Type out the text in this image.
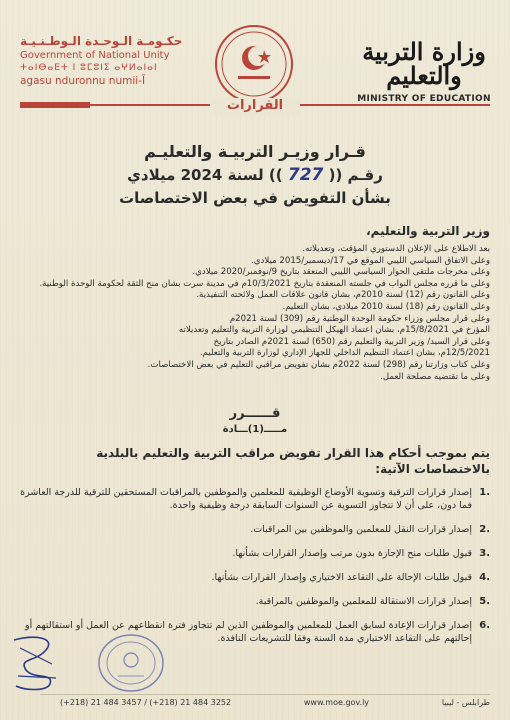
حكـومـة الـوحـدة الـوطـنـيـة
Government of National Unity
ⵜⴰⵏⴱⴰⴹⵜ ⵏ ⵓⵎⵓⵏⵉ ⴰⵖⵍⴰⵏⴰⵏ
agasu nduronnu numii-Ī
وزارة التربية والتعليم
MINISTRY OF EDUCATION
القرارات
قـرار وزيـر التربيـة والتعليـم
رقـم (( 727 )) لسنة 2024 ميلادي
بشأن التفويض في بعض الاختصاصات
وزير التربية والتعليم،
بعد الاطلاع على الإعلان الدستوري المؤقت، وتعديلاته.
وعلى الاتفاق السياسي الليبي الموقع في 17/ديسمبر/2015 ميلادي.
وعلى مخرجات ملتقى الحوار السياسي الليبي المنعقد بتاريخ 9/نوفمبر/2020 ميلادي.
وعلى ما قرره مجلس النواب في جلسته المنعقدة بتاريخ 10/3/2021م في مدينة سرت بشأن منح الثقة لحكومة الوحدة الوطنية.
وعلى القانون رقم (12) لسنة 2010م، بشأن قانون علاقات العمل ولائحته التنفيذية.
وعلى القانون رقم (18) لسنة 2010 ميلادي، بشأن التعليم.
وعلى قرار مجلس وزراء حكومة الوحدة الوطنية رقم (309) لسنة 2021م
المؤرخ في 15/8/2021م، بشأن اعتماد الهيكل التنظيمي لوزارة التربية والتعليم وتعديلاته
وعلى قرار السيد/ وزير التربية والتعليم رقم (650) لسنة 2021م الصادر بتاريخ
12/5/2021م، بشأن اعتماد التنظيم الداخلي للجهاز الإداري لوزارة التربية والتعليم.
وعلى كتاب وزارتنا رقم (298) لسنة 2022م بشأن تفويض مراقبي التعليم في بعض الاختصاصات.
وعلى ما تقتضيه مصلحة العمل.
قــــــرر
مـــــ(1)ـــادة
يتم بموجب أحكام هذا القرار تفويض مراقب التربية والتعليم بالبلدية بالاختصاصات الآتية:
.1
إصدار قرارات الترقية وتسوية الأوضاع الوظيفية للمعلمين والموظفين بالمراقبات المستحقين للترقية للدرجة العاشرة فما دون، على أن لا تتجاوز التسوية عن السنوات السابقة درجة وظيفية واحدة.
.2
إصدار قرارات النقل للمعلمين والموظفين بين المراقبات.
.3
قبول طلبات منح الإجازة بدون مرتب وإصدار القرارات بشأنها.
.4
قبول طلبات الإحالة على التقاعد الاختياري وإصدار القرارات بشأنها.
.5
إصدار قرارات الاستقالة للمعلمين والموظفين بالمراقبة.
.6
إصدار قرارات الإعادة لسابق العمل للمعلمين والموظفين الذين لم تتجاوز فترة انقطاعهم عن العمل أو استقالتهم أو إحالتهم على التقاعد الاختياري مدة السنة وفقا للتشريعات النافذة.
(+218) 21 484 3457 / (+218) 21 484 3252	www.moe.gov.ly	طرابلس - ليبيا
